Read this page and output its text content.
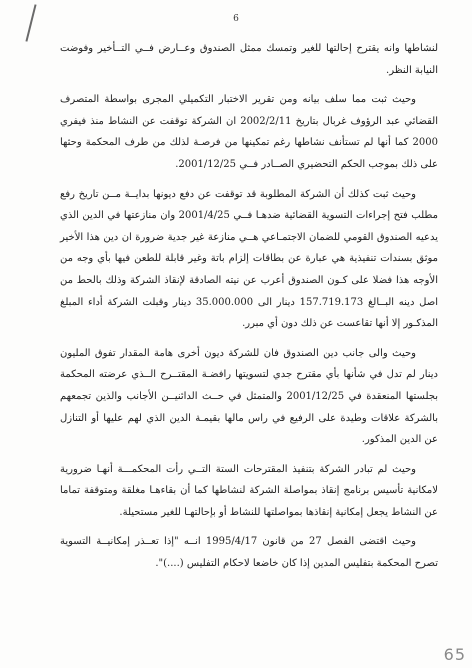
6

لنشاطها وانه يقترح إحالتها للغير وتمسك ممثل الصندوق وعــارض فــي التــأخير وفوضت النيابة النظر.

وحيث ثبت مما سلف بيانه ومن تقرير الاختبار التكميلي المجرى بواسطة المتصرف القضائي عبد الرؤوف غربال بتاريخ 2002/2/11 ان الشركة توقفت عن النشاط منذ فيفري 2000 كما أنها لم تستأنف نشاطها رغم تمكينها من فرصـة لذلك من طرف المحكمة وحثها على ذلك بموجب الحكم التحضيري الصــادر فــي 2001/12/25.

وحيث ثبت كذلك أن الشركة المطلوبة قد توقفت عن دفع ديونها بدايــة مــن تاريخ رفع مطلب فتح إجراءات التسوية القضائية ضدهـا فــي 2001/4/25 وان منازعتها في الدين الذي يدعيه الصندوق القومي للضمان الاجتمـاعي هــي منازعة غير جدية ضرورة ان دين هذا الأخير موثق بسندات تنفيذية هي عبارة عن بطاقات إلزام باتة وغير قابلة للطعن فيها بأي وجه من الأوجه هذا فضلا على كـون الصندوق أعرب عن نيته الصادقة لإنقاذ الشركة وذلك بالحط من اصل دينه البــالغ 157.719.173 دينار الى 35.000.000 دينار وقبلت الشركة أداء المبلغ المذكـور إلا أنها تقاعست عن ذلك دون أي مبرر.

وحيث والى جانب دين الصندوق فان للشركة ديون أخرى هامة المقدار تفوق المليون دينار لم تدل في شأنها بأي مقترح جدي لتسويتها رافضـة المقتــرح الــذي عرضته المحكمة بجلستها المنعقدة في 2001/12/25 والمتمثل في حــث الدائنيــن الأجانب والذين تجمعهم بالشركة علاقات وطيدة على الرفيع في راس مالها بقيمـة الدين الذي لهم عليها أو التنازل عن الدين المذكور.

وحيث لم تبادر الشركة بتنفيذ المقترحات الستة التــي رأت المحكمـــة أنهـا ضرورية لامكانية تأسيس برنامج إنقاذ بمواصلة الشركة لنشاطها كما أن بقاءهـا مغلقة ومتوقفة تماما عن النشاط يجعل إمكانية إنقاذها بمواصلتها للنشاط أو بإحالتهـا للغير مستحيلة.

وحيث اقتضى الفصل 27 من قانون 1995/4/17 انــه "إذا تعــذر إمكانيــة التسوية تصرح المحكمة بتفليس المدين إذا كان خاضعا لاحكام التفليس (....)".

65
